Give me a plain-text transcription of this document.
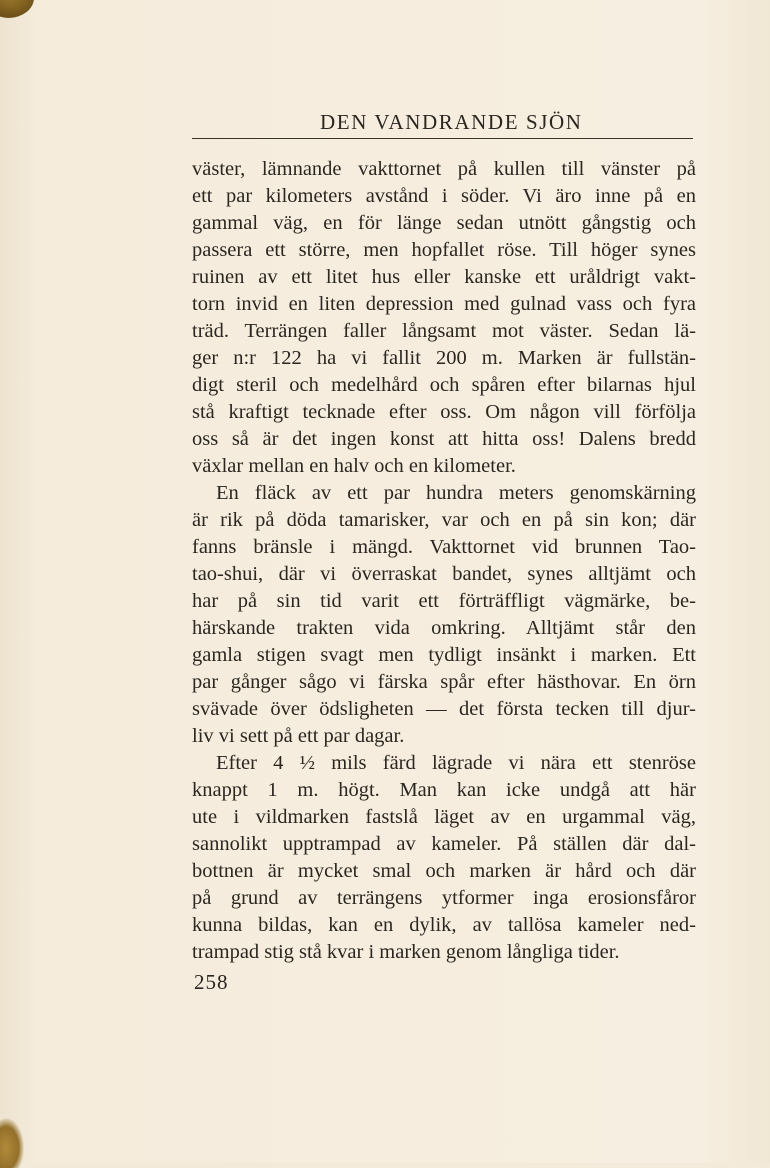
DEN VANDRANDE SJÖN
väster, lämnande vakttornet på kullen till vänster på
ett par kilometers avstånd i söder. Vi äro inne på en
gammal väg, en för länge sedan utnött gångstig och
passera ett större, men hopfallet röse. Till höger synes
ruinen av ett litet hus eller kanske ett uråldrigt vakt-
torn invid en liten depression med gulnad vass och fyra
träd. Terrängen faller långsamt mot väster. Sedan lä-
ger n:r 122 ha vi fallit 200 m. Marken är fullstän-
digt steril och medelhård och spåren efter bilarnas hjul
stå kraftigt tecknade efter oss. Om någon vill förfölja
oss så är det ingen konst att hitta oss! Dalens bredd
växlar mellan en halv och en kilometer.
En fläck av ett par hundra meters genomskärning
är rik på döda tamarisker, var och en på sin kon; där
fanns bränsle i mängd. Vakttornet vid brunnen Tao-
tao-shui, där vi överraskat bandet, synes alltjämt och
har på sin tid varit ett förträffligt vägmärke, be-
härskande trakten vida omkring. Alltjämt står den
gamla stigen svagt men tydligt insänkt i marken. Ett
par gånger sågo vi färska spår efter hästhovar. En örn
svävade över ödsligheten — det första tecken till djur-
liv vi sett på ett par dagar.
Efter 4 ½ mils färd lägrade vi nära ett stenröse
knappt 1 m. högt. Man kan icke undgå att här
ute i vildmarken fastslå läget av en urgammal väg,
sannolikt upptrampad av kameler. På ställen där dal-
bottnen är mycket smal och marken är hård och där
på grund av terrängens ytformer inga erosionsfåror
kunna bildas, kan en dylik, av tallösa kameler ned-
trampad stig stå kvar i marken genom långliga tider.
258
